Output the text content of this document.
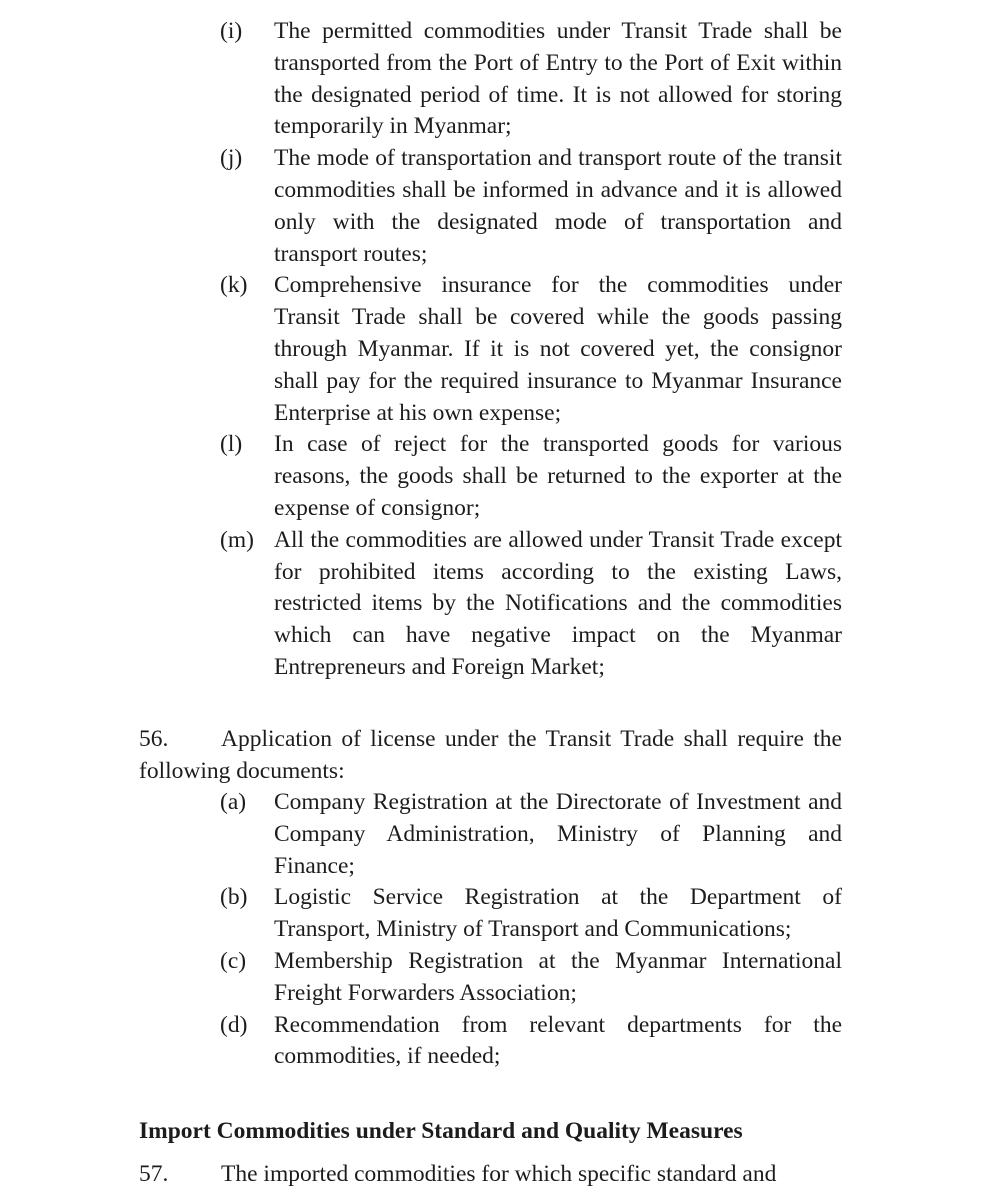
(i)	The permitted commodities under Transit Trade shall be transported from the Port of Entry to the Port of Exit within the designated period of time. It is not allowed for storing temporarily in Myanmar;
(j)	The mode of transportation and transport route of the transit commodities shall be informed in advance and it is allowed only with the designated mode of transportation and transport routes;
(k)	Comprehensive insurance for the commodities under Transit Trade shall be covered while the goods passing through Myanmar. If it is not covered yet, the consignor shall pay for the required insurance to Myanmar Insurance Enterprise at his own expense;
(l)	In case of reject for the transported goods for various reasons, the goods shall be returned to the exporter at the expense of consignor;
(m) All the commodities are allowed under Transit Trade except for prohibited items according to the existing Laws, restricted items by the Notifications and the commodities which can have negative impact on the Myanmar Entrepreneurs and Foreign Market;
56. Application of license under the Transit Trade shall require the following documents:
(a)	Company Registration at the Directorate of Investment and Company Administration, Ministry of Planning and Finance;
(b)	Logistic Service Registration at the Department of Transport, Ministry of Transport and Communications;
(c)	Membership Registration at the Myanmar International Freight Forwarders Association;
(d)	Recommendation from relevant departments for the commodities, if needed;
Import Commodities under Standard and Quality Measures
57. The imported commodities for which specific standard and
